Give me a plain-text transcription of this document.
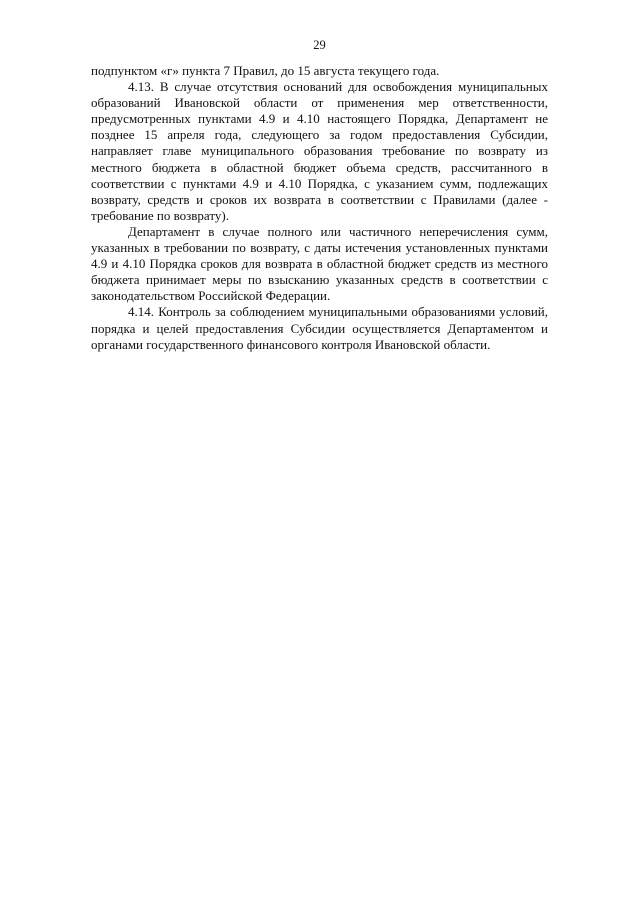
29

подпунктом «г» пункта 7 Правил, до 15 августа текущего года.

4.13. В случае отсутствия оснований для освобождения муниципальных образований Ивановской области от применения мер ответственности, предусмотренных пунктами 4.9 и 4.10 настоящего Порядка, Департамент не позднее 15 апреля года, следующего за годом предоставления Субсидии, направляет главе муниципального образования требование по возврату из местного бюджета в областной бюджет объема средств, рассчитанного в соответствии с пунктами 4.9 и 4.10 Порядка, с указанием сумм, подлежащих возврату, средств и сроков их возврата в соответствии с Правилами (далее - требование по возврату).

Департамент в случае полного или частичного неперечисления сумм, указанных в требовании по возврату, с даты истечения установленных пунктами 4.9 и 4.10 Порядка сроков для возврата в областной бюджет средств из местного бюджета принимает меры по взысканию указанных средств в соответствии с законодательством Российской Федерации.

4.14. Контроль за соблюдением муниципальными образованиями условий, порядка и целей предоставления Субсидии осуществляется Департаментом и органами государственного финансового контроля Ивановской области.
